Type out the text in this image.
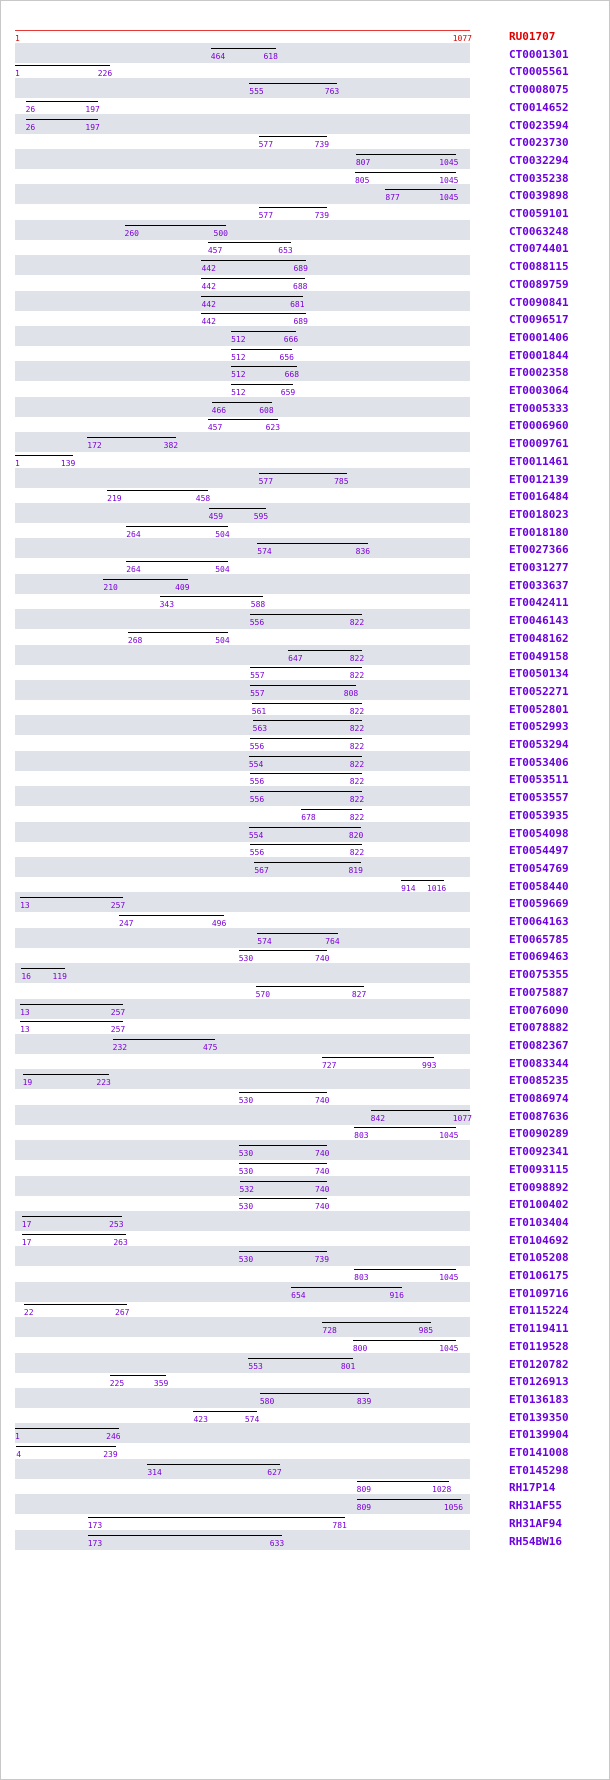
1	1077	RU01707
464	618	CT0001301
1	226	CT0005561
555	763	CT0008075
26	197	CT0014652
26	197	CT0023594
577	739	CT0023730
807	1045	CT0032294
805	1045	CT0035238
877	1045	CT0039898
577	739	CT0059101
260	500	CT0063248
457	653	CT0074401
442	689	CT0088115
442	688	CT0089759
442	681	CT0090841
442	689	CT0096517
512	666	ET0001406
512	656	ET0001844
512	668	ET0002358
512	659	ET0003064
466	608	ET0005333
457	623	ET0006960
172	382	ET0009761
1	139	ET0011461
577	785	ET0012139
219	458	ET0016484
459	595	ET0018023
264	504	ET0018180
574	836	ET0027366
264	504	ET0031277
210	409	ET0033637
343	588	ET0042411
556	822	ET0046143
268	504	ET0048162
647	822	ET0049158
557	822	ET0050134
557	808	ET0052271
561	822	ET0052801
563	822	ET0052993
556	822	ET0053294
554	822	ET0053406
556	822	ET0053511
556	822	ET0053557
678	822	ET0053935
554	820	ET0054098
556	822	ET0054497
567	819	ET0054769
914 1016	ET0058440
13	257	ET0059669
247	496	ET0064163
574	764	ET0065785
530	740	ET0069463
16	119	ET0075355
570	827	ET0075887
13	257	ET0076090
13	257	ET0078882
232	475	ET0082367
727	993	ET0083344
19	223	ET0085235
530	740	ET0086974
842	1077	ET0087636
803	1045	ET0090289
530	740	ET0092341
530	740	ET0093115
532	740	ET0098892
530	740	ET0100402
17	253	ET0103404
17	263	ET0104692
530	739	ET0105208
803	1045	ET0106175
654	916	ET0109716
22	267	ET0115224
728	985	ET0119411
800	1045	ET0119528
553	801	ET0120782
225	359	ET0126913
580	839	ET0136183
423	574	ET0139350
1	246	ET0139904
4	239	ET0141008
314	627	ET0145298
809	1028	RH17P14
809	1056	RH31AF55
173	781	RH31AF94
173	633	RH54BW16
